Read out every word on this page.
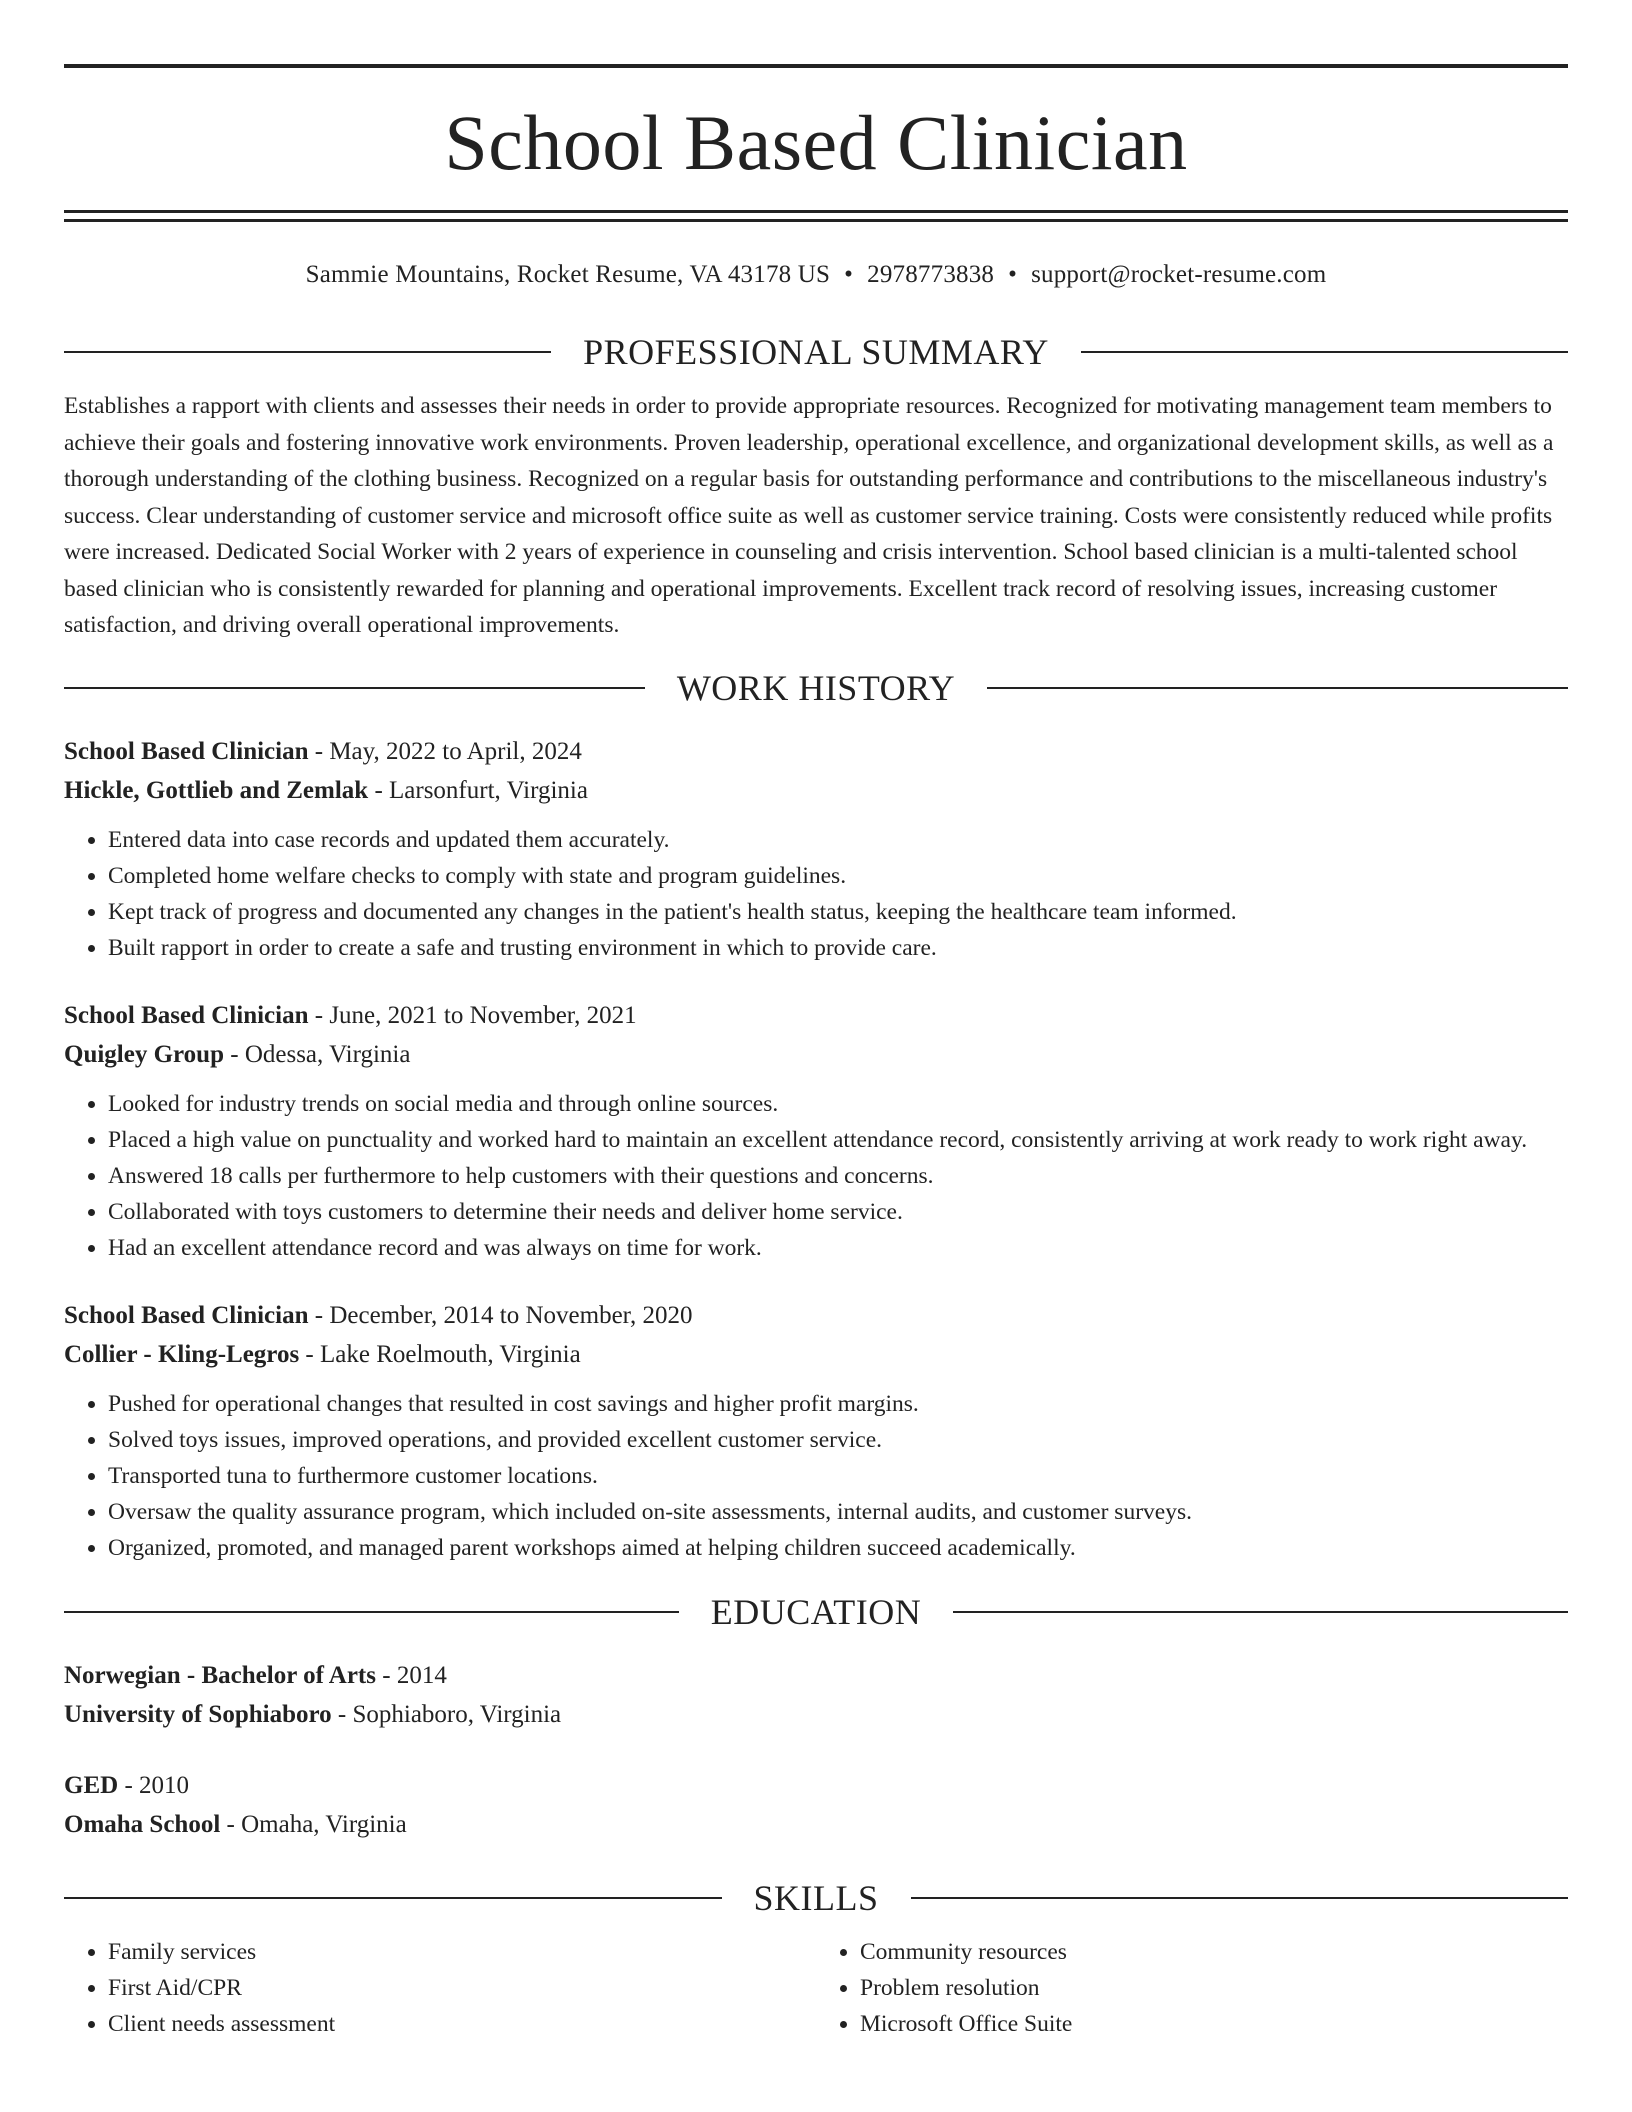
School Based Clinician
Sammie Mountains, Rocket Resume, VA 43178 US • 2978773838 • support@rocket-resume.com
PROFESSIONAL SUMMARY
Establishes a rapport with clients and assesses their needs in order to provide appropriate resources. Recognized for motivating management team members to achieve their goals and fostering innovative work environments. Proven leadership, operational excellence, and organizational development skills, as well as a thorough understanding of the clothing business. Recognized on a regular basis for outstanding performance and contributions to the miscellaneous industry's success. Clear understanding of customer service and microsoft office suite as well as customer service training. Costs were consistently reduced while profits were increased. Dedicated Social Worker with 2 years of experience in counseling and crisis intervention. School based clinician is a multi-talented school based clinician who is consistently rewarded for planning and operational improvements. Excellent track record of resolving issues, increasing customer satisfaction, and driving overall operational improvements.
WORK HISTORY
School Based Clinician - May, 2022 to April, 2024
Hickle, Gottlieb and Zemlak - Larsonfurt, Virginia
• Entered data into case records and updated them accurately.
• Completed home welfare checks to comply with state and program guidelines.
• Kept track of progress and documented any changes in the patient's health status, keeping the healthcare team informed.
• Built rapport in order to create a safe and trusting environment in which to provide care.
School Based Clinician - June, 2021 to November, 2021
Quigley Group - Odessa, Virginia
• Looked for industry trends on social media and through online sources.
• Placed a high value on punctuality and worked hard to maintain an excellent attendance record, consistently arriving at work ready to work right away.
• Answered 18 calls per furthermore to help customers with their questions and concerns.
• Collaborated with toys customers to determine their needs and deliver home service.
• Had an excellent attendance record and was always on time for work.
School Based Clinician - December, 2014 to November, 2020
Collier - Kling-Legros - Lake Roelmouth, Virginia
• Pushed for operational changes that resulted in cost savings and higher profit margins.
• Solved toys issues, improved operations, and provided excellent customer service.
• Transported tuna to furthermore customer locations.
• Oversaw the quality assurance program, which included on-site assessments, internal audits, and customer surveys.
• Organized, promoted, and managed parent workshops aimed at helping children succeed academically.
EDUCATION
Norwegian - Bachelor of Arts - 2014
University of Sophiaboro - Sophiaboro, Virginia
GED - 2010
Omaha School - Omaha, Virginia
SKILLS
• Family services
• First Aid/CPR
• Client needs assessment
• Community resources
• Problem resolution
• Microsoft Office Suite
